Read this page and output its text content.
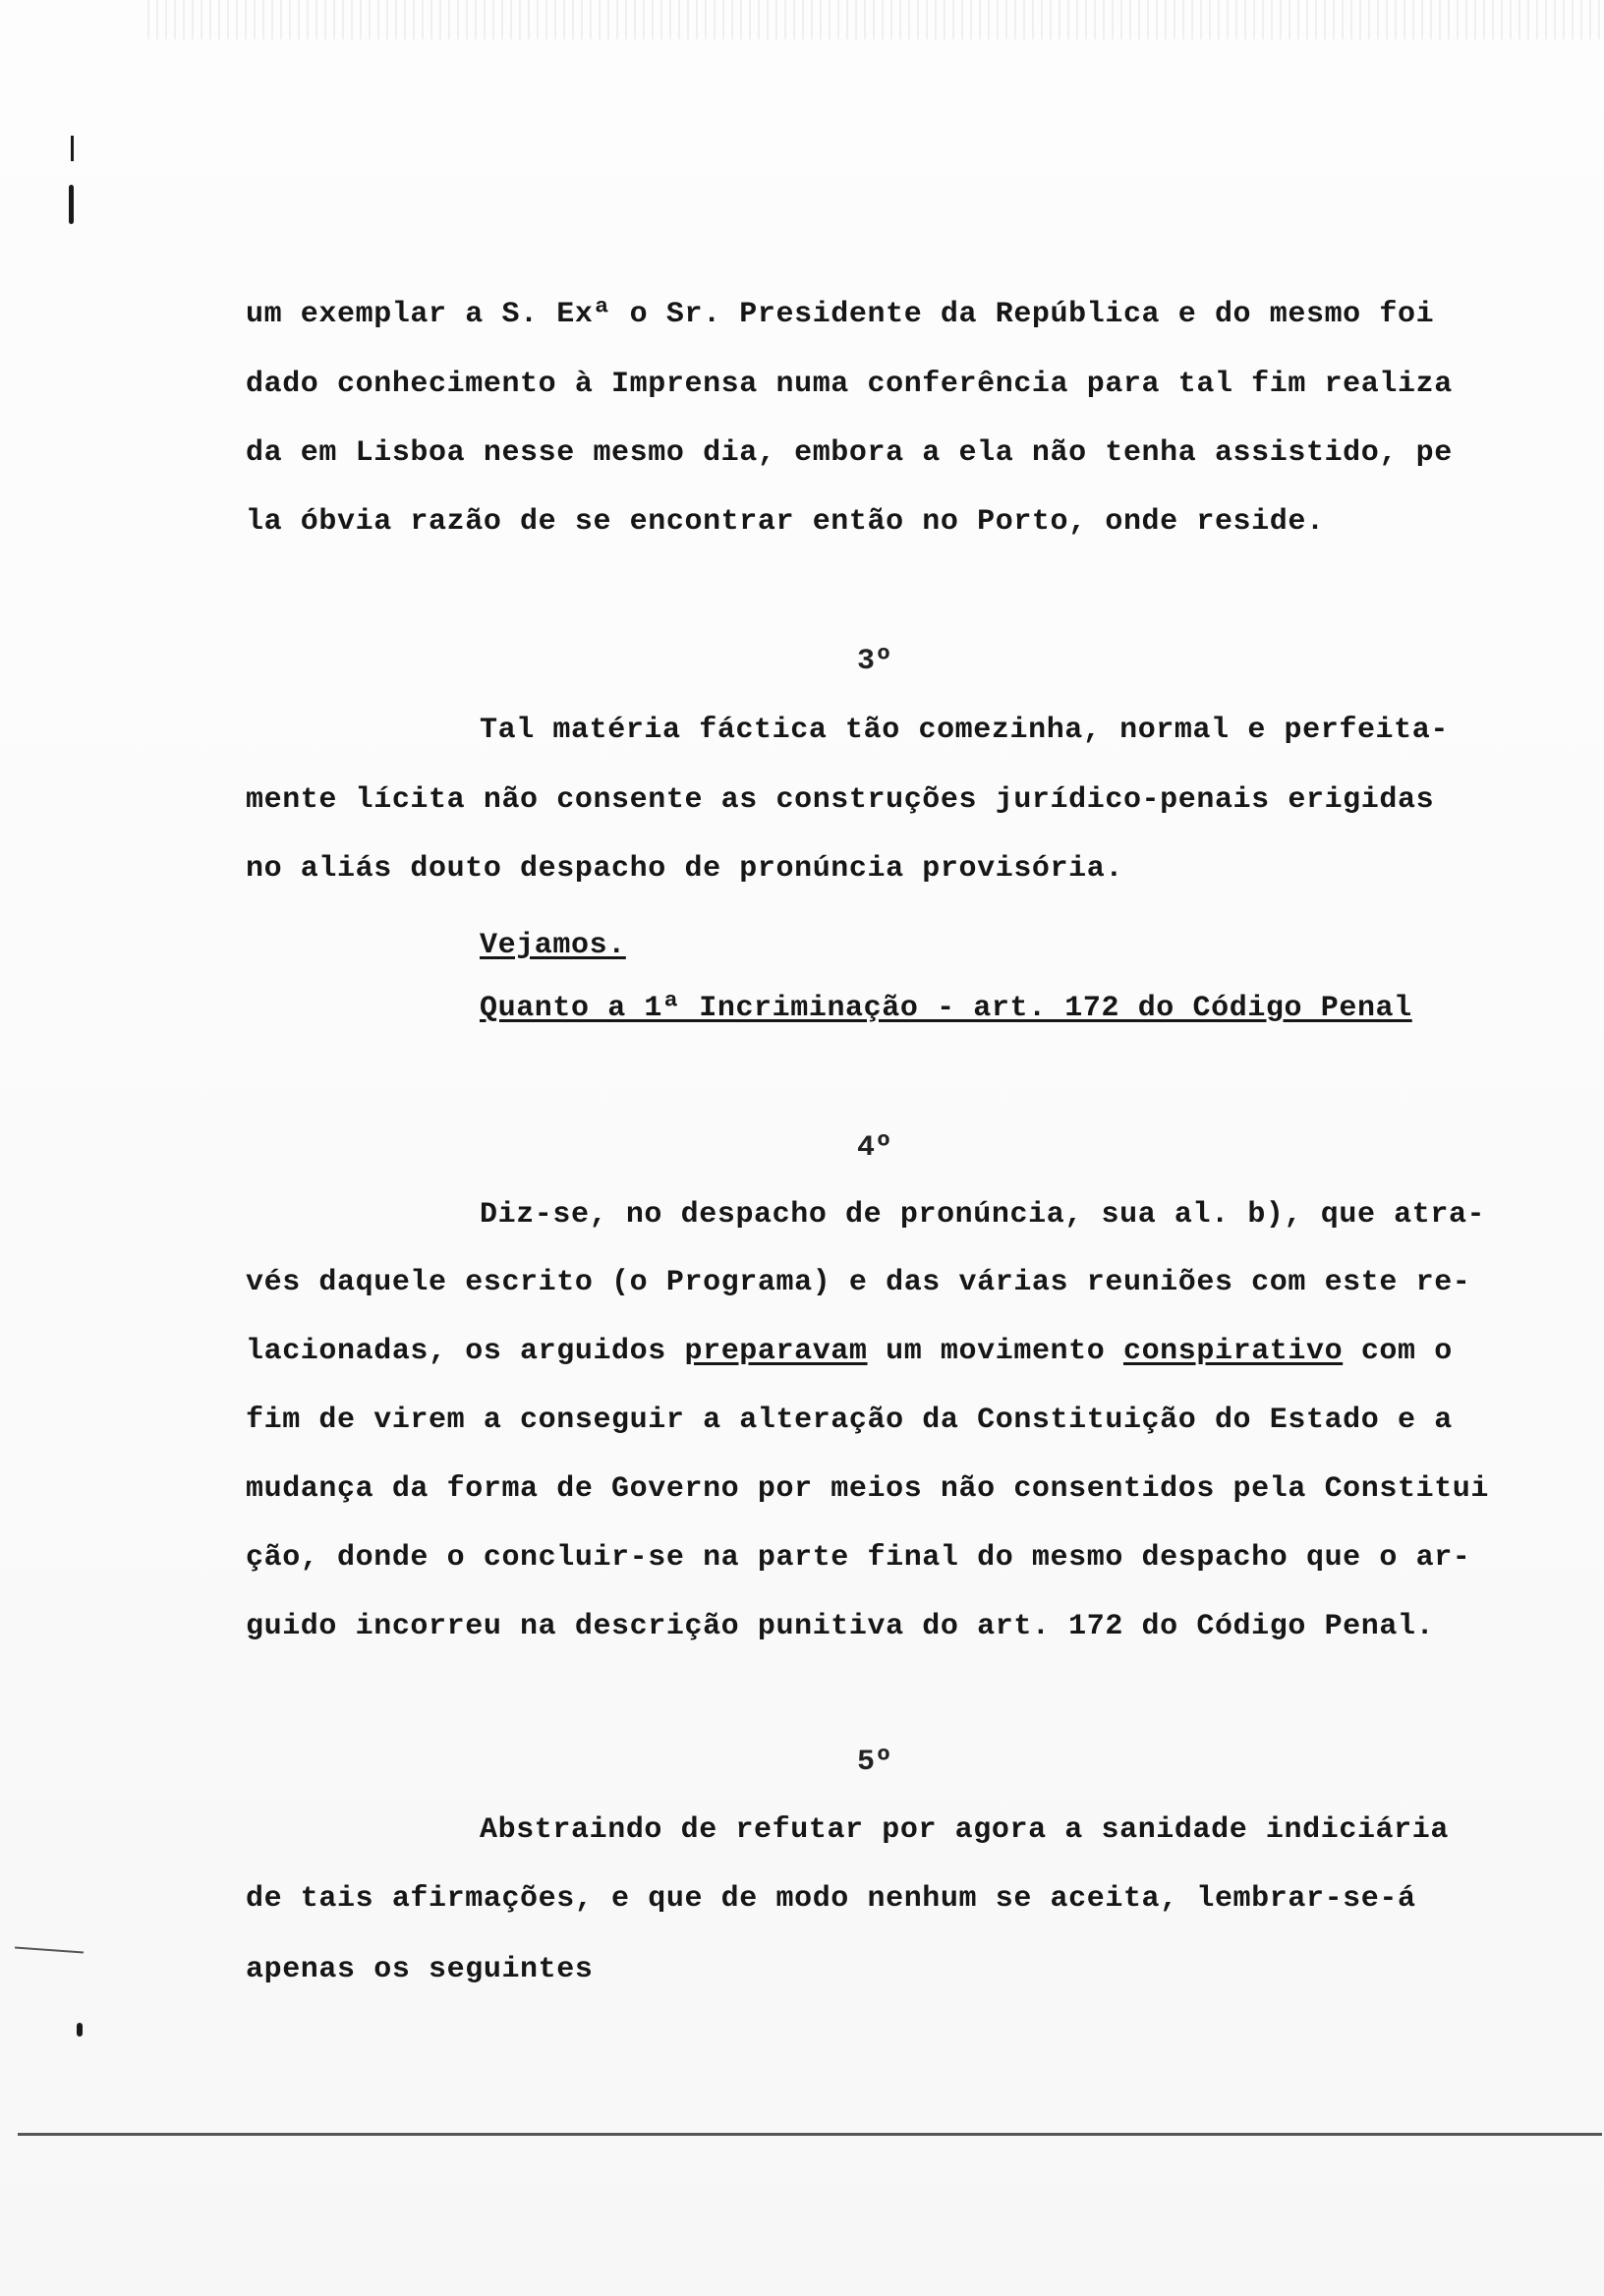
um exemplar a S. Exª o Sr. Presidente da República e do mesmo foi
dado conhecimento à Imprensa numa conferência para tal fim realiza
da em Lisboa nesse mesmo dia, embora a ela não tenha assistido, pe
la óbvia razão de se encontrar então no Porto, onde reside.
3º
Tal matéria fáctica tão comezinha, normal e perfeita-
mente lícita não consente as construções jurídico-penais erigidas
no aliás douto despacho de pronúncia provisória.
Vejamos.
Quanto a 1ª Incriminação - art. 172 do Código Penal
4º
Diz-se, no despacho de pronúncia, sua al. b), que atra-
vés daquele escrito (o Programa) e das várias reuniões com este re-
lacionadas, os arguidos preparavam um movimento conspirativo com o
fim de virem a conseguir a alteração da Constituição do Estado e a
mudança da forma de Governo por meios não consentidos pela Constitui
ção, donde o concluir-se na parte final do mesmo despacho que o ar-
guido incorreu na descrição punitiva do art. 172 do Código Penal.
5º
Abstraindo de refutar por agora a sanidade indiciária
de tais afirmações, e que de modo nenhum se aceita, lembrar-se-á
apenas os seguintes
